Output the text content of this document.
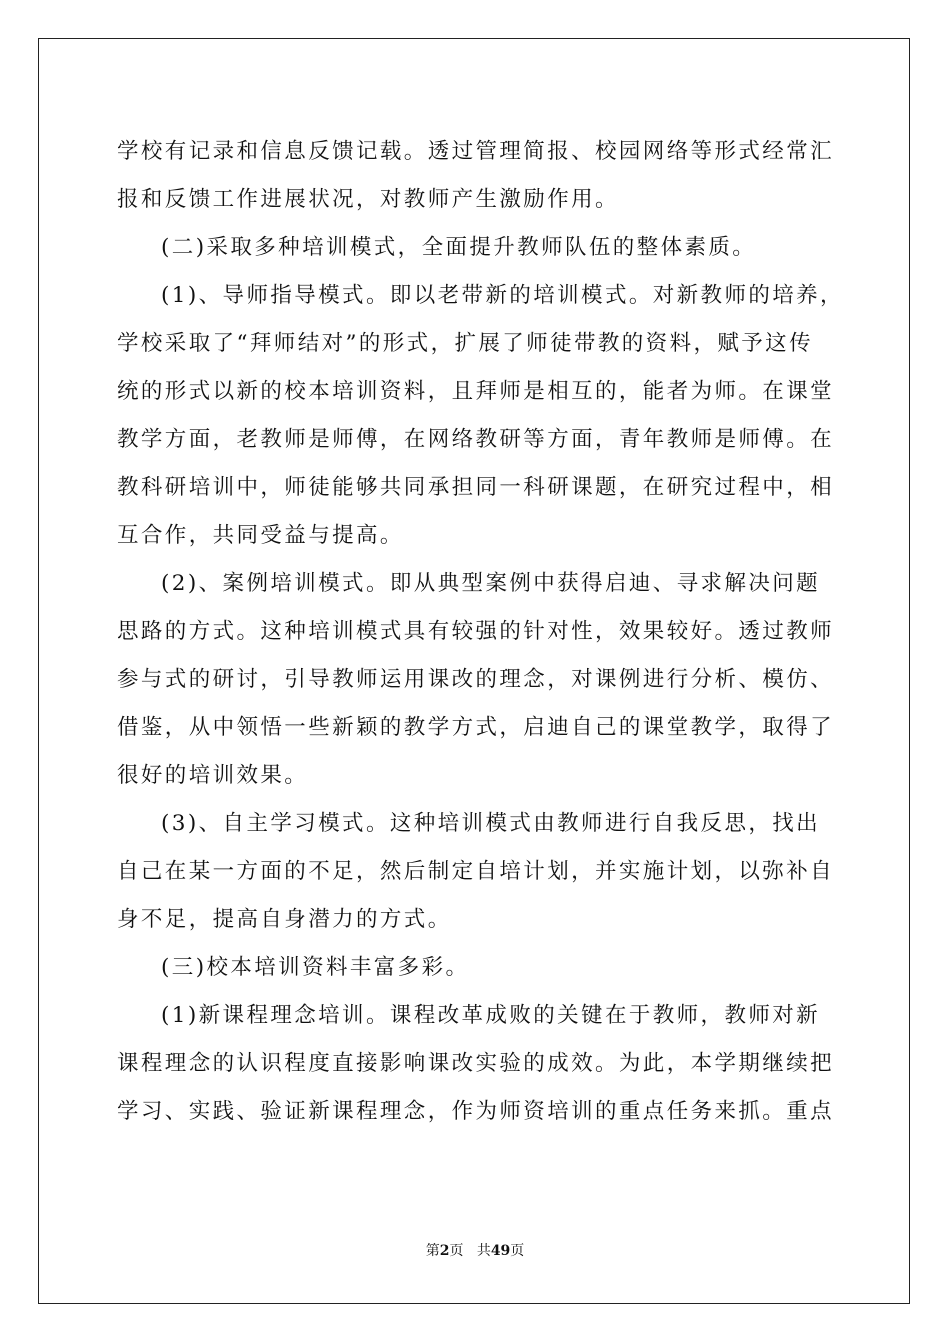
学校有记录和信息反馈记载。透过管理简报、校园网络等形式经常汇
报和反馈工作进展状况，对教师产生激励作用。
(二)采取多种培训模式，全面提升教师队伍的整体素质。
(1)、导师指导模式。即以老带新的培训模式。对新教师的培养，
学校采取了“拜师结对”的形式，扩展了师徒带教的资料，赋予这传
统的形式以新的校本培训资料，且拜师是相互的，能者为师。在课堂
教学方面，老教师是师傅，在网络教研等方面，青年教师是师傅。在
教科研培训中，师徒能够共同承担同一科研课题，在研究过程中，相
互合作，共同受益与提高。
(2)、案例培训模式。即从典型案例中获得启迪、寻求解决问题
思路的方式。这种培训模式具有较强的针对性，效果较好。透过教师
参与式的研讨，引导教师运用课改的理念，对课例进行分析、模仿、
借鉴，从中领悟一些新颖的教学方式，启迪自己的课堂教学，取得了
很好的培训效果。
(3)、自主学习模式。这种培训模式由教师进行自我反思，找出
自己在某一方面的不足，然后制定自培计划，并实施计划，以弥补自
身不足，提高自身潜力的方式。
(三)校本培训资料丰富多彩。
(1)新课程理念培训。课程改革成败的关键在于教师，教师对新
课程理念的认识程度直接影响课改实验的成效。为此，本学期继续把
学习、实践、验证新课程理念，作为师资培训的重点任务来抓。重点
第2页 共49页
